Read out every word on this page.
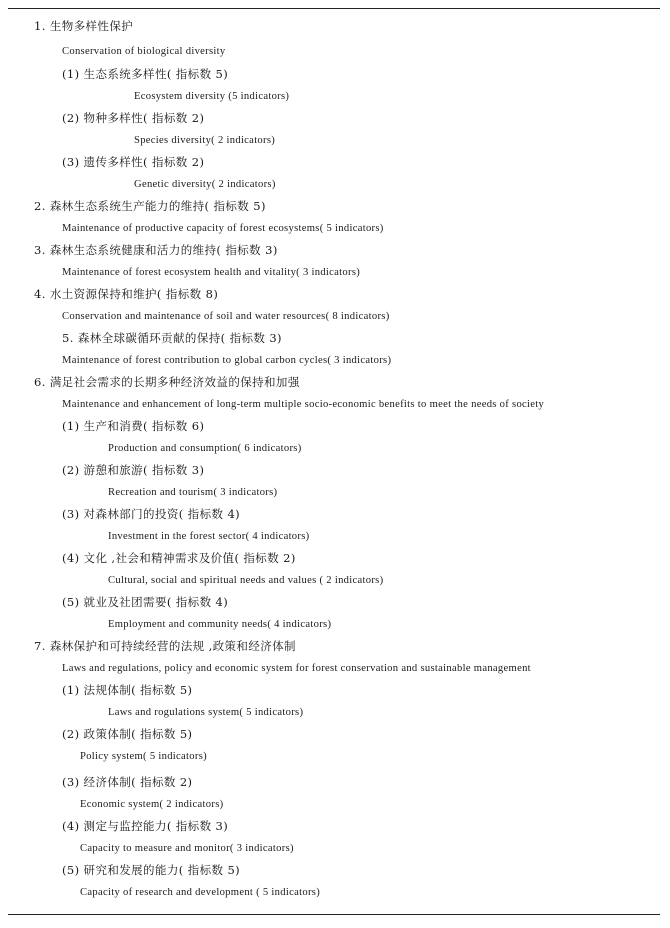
1. 生物多样性保护
Conservation of biological diversity
(1) 生态系统多样性( 指标数 5)
Ecosystem diversity (5 indicators)
(2) 物种多样性( 指标数 2)
Species diversity( 2 indicators)
(3) 遗传多样性( 指标数 2)
Genetic diversity( 2 indicators)
2. 森林生态系统生产能力的维持( 指标数 5)
Maintenance of productive capacity of forest ecosystems( 5 indicators)
3. 森林生态系统健康和活力的维持( 指标数 3)
Maintenance of forest ecosystem health and vitality( 3 indicators)
4. 水土资源保持和维护( 指标数 8)
Conservation and maintenance of soil and water resources( 8 indicators)
5. 森林全球碳循环贡献的保持( 指标数 3)
Maintenance of forest contribution to global carbon cycles( 3 indicators)
6. 满足社会需求的长期多种经济效益的保持和加强
Maintenance and enhancement of long-term multiple socio-economic benefits to meet the needs of society
(1) 生产和消费( 指标数 6)
Production and consumption( 6 indicators)
(2) 游憩和旅游( 指标数 3)
Recreation and tourism( 3 indicators)
(3) 对森林部门的投资( 指标数 4)
Investment in the forest sector( 4 indicators)
(4) 文化 ,社会和精神需求及价值( 指标数 2)
Cultural, social and spiritual needs and values ( 2 indicators)
(5) 就业及社团需要( 指标数 4)
Employment and community needs( 4 indicators)
7. 森林保护和可持续经营的法规 ,政策和经济体制
Laws and regulations, policy and economic system for forest conservation and sustainable management
(1) 法规体制( 指标数 5)
Laws and rogulations system( 5 indicators)
(2) 政策体制( 指标数 5)
Policy system( 5 indicators)
(3) 经济体制( 指标数 2)
Economic system( 2 indicators)
(4) 测定与监控能力( 指标数 3)
Capacity to measure and monitor( 3 indicators)
(5) 研究和发展的能力( 指标数 5)
Capacity of research and development ( 5 indicators)
